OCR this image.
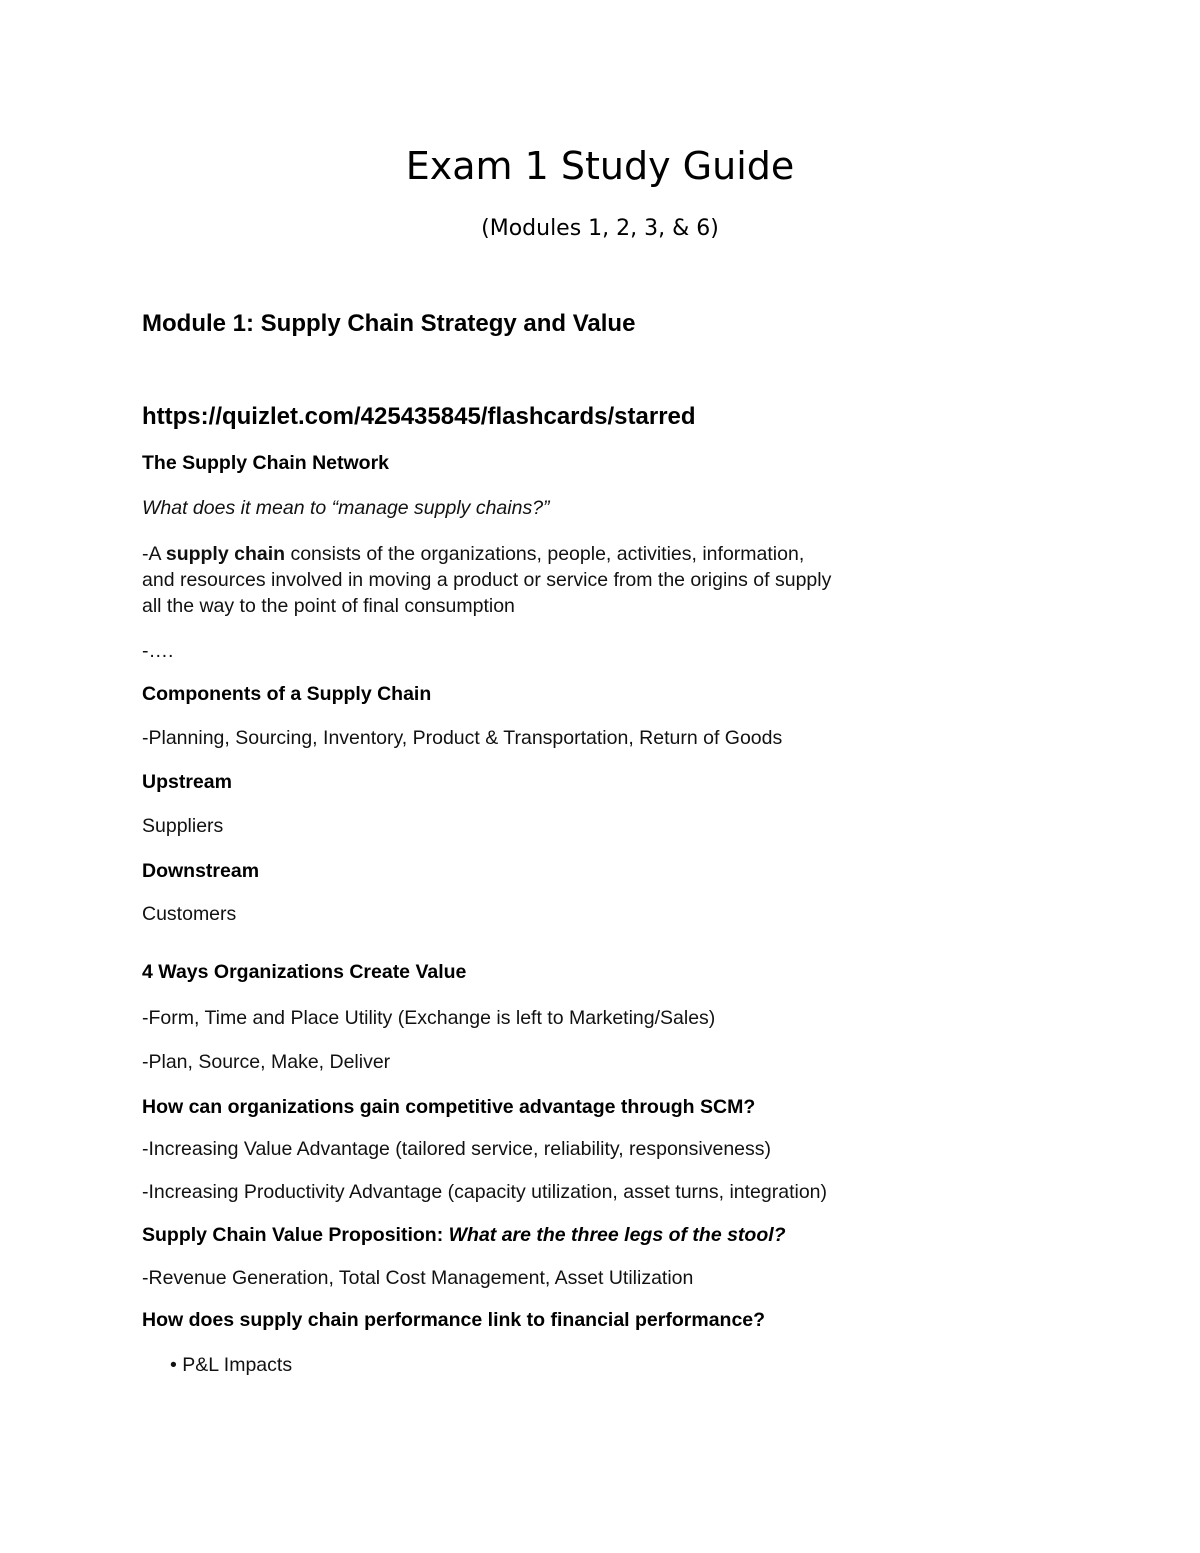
Exam 1 Study Guide
(Modules 1, 2, 3, & 6)
Module 1: Supply Chain Strategy and Value
https://quizlet.com/425435845/flashcards/starred
The Supply Chain Network
What does it mean to “manage supply chains?”
-A supply chain consists of the organizations, people, activities, information,
and resources involved in moving a product or service from the origins of supply
all the way to the point of final consumption
-….
Components of a Supply Chain
-Planning, Sourcing, Inventory, Product & Transportation, Return of Goods
Upstream
Suppliers
Downstream
Customers
4 Ways Organizations Create Value
-Form, Time and Place Utility (Exchange is left to Marketing/Sales)
-Plan, Source, Make, Deliver
How can organizations gain competitive advantage through SCM?
-Increasing Value Advantage (tailored service, reliability, responsiveness)
-Increasing Productivity Advantage (capacity utilization, asset turns, integration)
Supply Chain Value Proposition: What are the three legs of the stool?
-Revenue Generation, Total Cost Management, Asset Utilization
How does supply chain performance link to financial performance?
• P&L Impacts
